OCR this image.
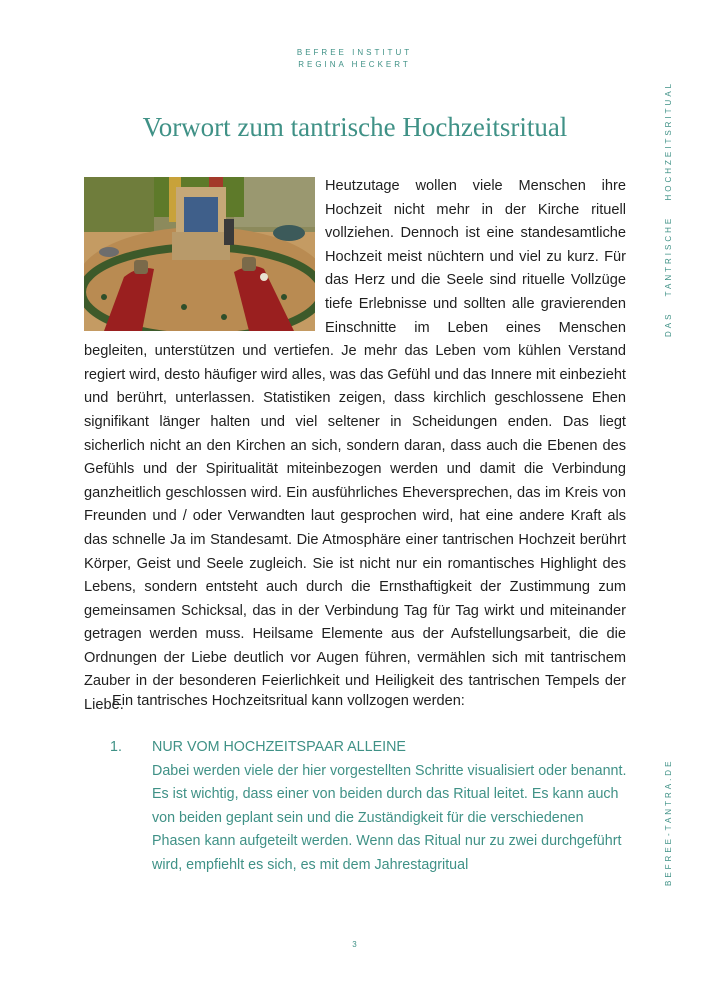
BEFREE INSTITUT
REGINA HECKERT
Vorwort zum tantrische Hochzeitsritual
DAS TANTRISCHE HOCHZEITSRITUAL
BEFREE-TANTRA.DE

Heutzutage wollen viele Menschen ihre Hochzeit nicht mehr in der Kirche rituell vollziehen. Dennoch ist eine standesamtliche Hochzeit meist nüchtern und viel zu kurz. Für das Herz und die Seele sind rituelle Vollzüge tiefe Erlebnisse und sollten alle gravierenden Einschnitte im Leben eines Menschen begleiten, unterstützen und vertiefen. Je mehr das Leben vom kühlen Verstand regiert wird, desto häufiger wird alles, was das Gefühl und das Innere mit einbezieht und berührt, unterlassen. Statistiken zeigen, dass kirchlich geschlossene Ehen signifikant länger halten und viel seltener in Scheidungen enden. Das liegt sicherlich nicht an den Kirchen an sich, sondern daran, dass auch die Ebenen des Gefühls und der Spiritualität miteinbezogen werden und damit die Verbindung ganzheitlich geschlossen wird. Ein ausführliches Eheversprechen, das im Kreis von Freunden und / oder Verwandten laut gesprochen wird, hat eine andere Kraft als das schnelle Ja im Standesamt. Die Atmosphäre einer tantrischen Hochzeit berührt Körper, Geist und Seele zugleich. Sie ist nicht nur ein romantisches Highlight des Lebens, sondern entsteht auch durch die Ernsthaftigkeit der Zustimmung zum gemeinsamen Schicksal, das in der Verbindung Tag für Tag wirkt und miteinander getragen werden muss. Heilsame Elemente aus der Aufstellungsarbeit, die die Ordnungen der Liebe deutlich vor Augen führen, vermählen sich mit tantrischem Zauber in der besonderen Feierlichkeit und Heiligkeit des tantrischen Tempels der Liebe.

Ein tantrisches Hochzeitsritual kann vollzogen werden:
1. NUR VOM HOCHZEITSPAAR ALLEINE
Dabei werden viele der hier vorgestellten Schritte visualisiert oder benannt. Es ist wichtig, dass einer von beiden durch das Ritual leitet. Es kann auch von beiden geplant sein und die Zuständigkeit für die verschiedenen Phasen kann aufgeteilt werden. Wenn das Ritual nur zu zwei durchgeführt wird, empfiehlt es sich, es mit dem Jahrestagritual
3
